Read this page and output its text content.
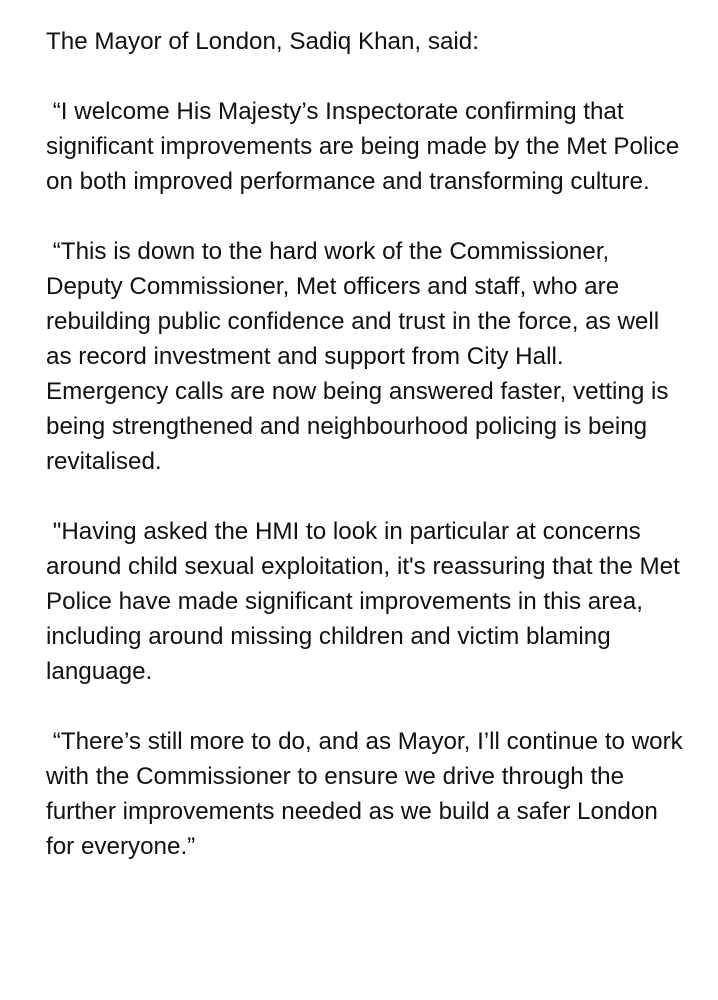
The Mayor of London, Sadiq Khan, said:

“I welcome His Majesty’s Inspectorate confirming that significant improvements are being made by the Met Police on both improved performance and transforming culture.

“This is down to the hard work of the Commissioner, Deputy Commissioner, Met officers and staff, who are rebuilding public confidence and trust in the force, as well as record investment and support from City Hall. Emergency calls are now being answered faster, vetting is being strengthened and neighbourhood policing is being revitalised.

"Having asked the HMI to look in particular at concerns around child sexual exploitation, it's reassuring that the Met Police have made significant improvements in this area, including around missing children and victim blaming language.

“There’s still more to do, and as Mayor, I’ll continue to work with the Commissioner to ensure we drive through the further improvements needed as we build a safer London for everyone.”
